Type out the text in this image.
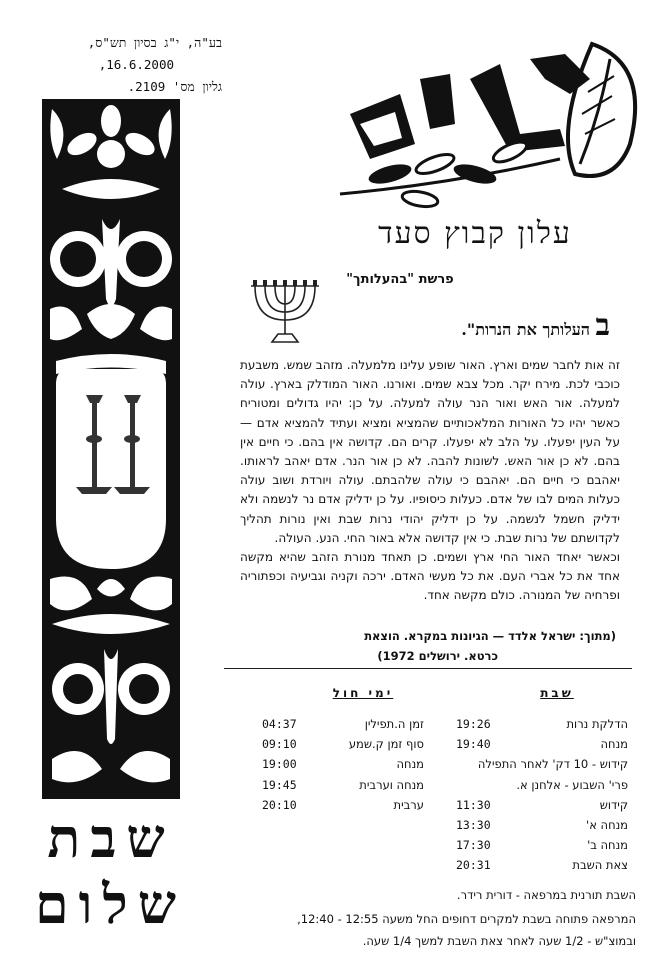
בע"ה, י"ג בסיון תש"ס,
,16.6.2000
גליון מס' 2109.
שבת
שלום
עלון קבוץ סעד
פרשת "בהעלותך"
ב העלותך את הנרות".

זה אות לחבר שמים וארץ. האור שופע עלינו מלמעלה. מזהב שמש. משבעת כוכבי לכת. מירח יקר. מכל צבא שמים. ואורנו. האור המודלק בארץ. עולה למעלה. אור האש ואור הנר עולה למעלה. על כן: יהיו גדולים ומטוריח כאשר יהיו כל האורות המלאכותיים שהמציא ומציא ועתיד להמציא אדם — על העין יפעלו. על הלב לא יפעלו. קרים הם. קדושה אין בהם. כי חיים אין בהם. לא כן אור האש. לשונות להבה. לא כן אור הנר. אדם יאהב לראותו. יאהבם כי חיים הם. יאהבם כי עולה שלהבתם. עולה ויורדת ושוב עולה כעלות המים לבו של אדם. כעלות כיסופיו. על כן ידליק אדם נר לנשמה ולא ידליק חשמל לנשמה. על כן ידליק יהודי נרות שבת ואין נורות תהליך לקדושתם של נרות שבת. כי אין קדושה אלא באור החי. הנע. העולה.

וכאשר יאחד האור החי ארץ ושמים. כן תאחד מנורת הזהב שהיא מקשה אחד את כל אברי העם. את כל מעשי האדם. ירכה וקניה וגביעיה וכפתוריה ופרחיה של המנורה. כולם מקשה אחד.

(מתוך: ישראל אלדד — הגיונות במקרא. הוצאת
כרטא. ירושלים 1972)
שבת
הדלקת נרות
19:26
מנחה
19:40
קידוש - 10 דק' לאחר התפילה
פרי' השבוע - אלחנן א.
קידוש
11:30
מנחה א'
13:30
מנחה ב'
17:30
צאת השבת
20:31
ימי חול
זמן ה.תפילין
04:37
סוף זמן ק.שמע
09:10
מנחה
19:00
מנחה וערבית
19:45
ערבית
20:10
השבת תורנית במרפאה - דורית רידר.
המרפאה פתוחה בשבת למקרים דחופים החל משעה 12:55 - 12:40,
ובמוצ"ש - 1/2 שעה לאחר צאת השבת למשך 1/4 שעה.
